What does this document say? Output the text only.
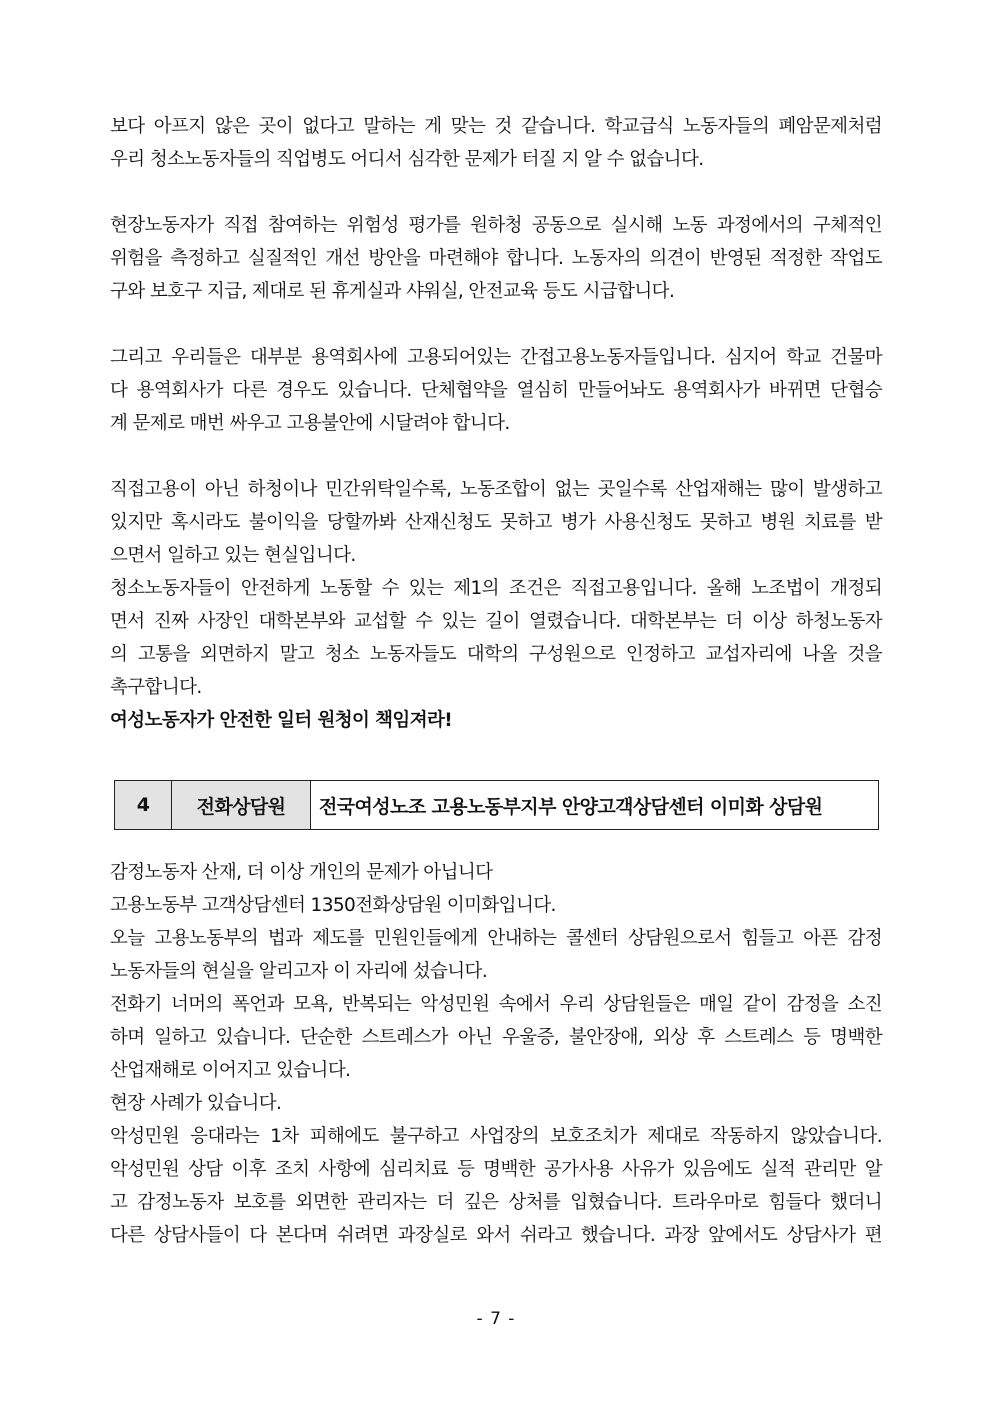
보다 아프지 않은 곳이 없다고 말하는 게 맞는 것 같습니다. 학교급식 노동자들의 폐암문제처럼
우리 청소노동자들의 직업병도 어디서 심각한 문제가 터질 지 알 수 없습니다.
현장노동자가 직접 참여하는 위험성 평가를 원하청 공동으로 실시해 노동 과정에서의 구체적인
위험을 측정하고 실질적인 개선 방안을 마련해야 합니다. 노동자의 의견이 반영된 적정한 작업도
구와 보호구 지급, 제대로 된 휴게실과 샤워실, 안전교육 등도 시급합니다.
그리고 우리들은 대부분 용역회사에 고용되어있는 간접고용노동자들입니다. 심지어 학교 건물마
다 용역회사가 다른 경우도 있습니다. 단체협약을 열심히 만들어놔도 용역회사가 바뀌면 단협승
계 문제로 매번 싸우고 고용불안에 시달려야 합니다.
직접고용이 아닌 하청이나 민간위탁일수록, 노동조합이 없는 곳일수록 산업재해는 많이 발생하고
있지만 혹시라도 불이익을 당할까봐 산재신청도 못하고 병가 사용신청도 못하고 병원 치료를 받
으면서 일하고 있는 현실입니다.
청소노동자들이 안전하게 노동할 수 있는 제1의 조건은 직접고용입니다. 올해 노조법이 개정되
면서 진짜 사장인 대학본부와 교섭할 수 있는 길이 열렸습니다. 대학본부는 더 이상 하청노동자
의 고통을 외면하지 말고 청소 노동자들도 대학의 구성원으로 인정하고 교섭자리에 나올 것을
촉구합니다.
여성노동자가 안전한 일터 원청이 책임져라!
4	전화상담원	전국여성노조 고용노동부지부 안양고객상담센터 이미화 상담원
감정노동자 산재, 더 이상 개인의 문제가 아닙니다
고용노동부 고객상담센터 1350전화상담원 이미화입니다.
오늘 고용노동부의 법과 제도를 민원인들에게 안내하는 콜센터 상담원으로서 힘들고 아픈 감정
노동자들의 현실을 알리고자 이 자리에 섰습니다.
전화기 너머의 폭언과 모욕, 반복되는 악성민원 속에서 우리 상담원들은 매일 같이 감정을 소진
하며 일하고 있습니다. 단순한 스트레스가 아닌 우울증, 불안장애, 외상 후 스트레스 등 명백한
산업재해로 이어지고 있습니다.
현장 사례가 있습니다.
악성민원 응대라는 1차 피해에도 불구하고 사업장의 보호조치가 제대로 작동하지 않았습니다.
악성민원 상담 이후 조치 사항에 심리치료 등 명백한 공가사용 사유가 있음에도 실적 관리만 알
고 감정노동자 보호를 외면한 관리자는 더 깊은 상처를 입혔습니다. 트라우마로 힘들다 했더니
다른 상담사들이 다 본다며 쉬려면 과장실로 와서 쉬라고 했습니다. 과장 앞에서도 상담사가 편
- 7 -
